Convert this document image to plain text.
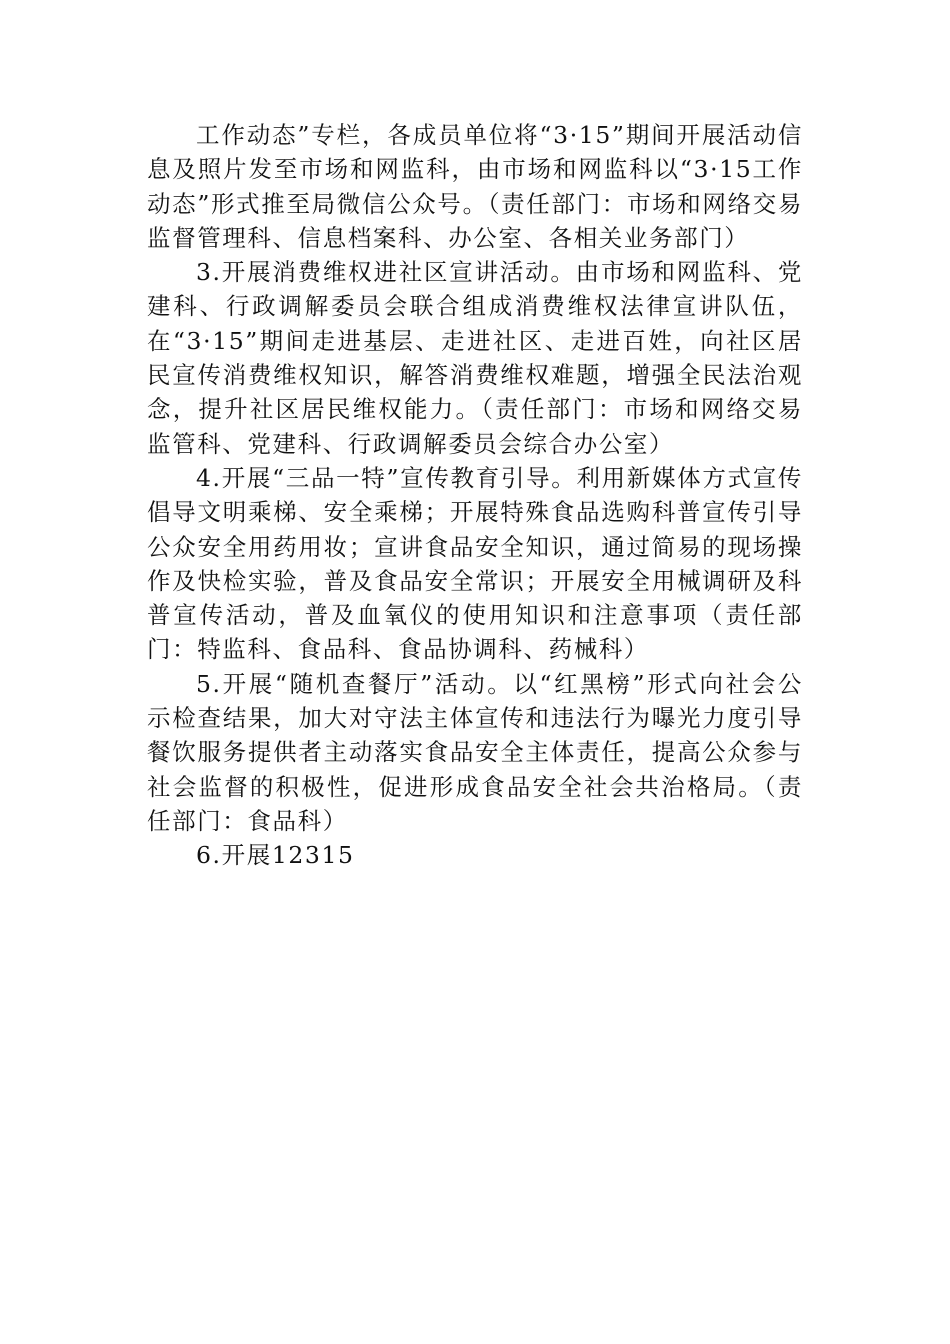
工作动态”专栏，各成员单位将“3·15”期间开展活动信息及照片发至市场和网监科，由市场和网监科以“3·15工作动态”形式推至局微信公众号。（责任部门：市场和网络交易监督管理科、信息档案科、办公室、各相关业务部门）

3.开展消费维权进社区宣讲活动。由市场和网监科、党建科、行政调解委员会联合组成消费维权法律宣讲队伍，在“3·15”期间走进基层、走进社区、走进百姓，向社区居民宣传消费维权知识，解答消费维权难题，增强全民法治观念，提升社区居民维权能力。（责任部门：市场和网络交易监管科、党建科、行政调解委员会综合办公室）

4.开展“三品一特”宣传教育引导。利用新媒体方式宣传倡导文明乘梯、安全乘梯；开展特殊食品选购科普宣传引导公众安全用药用妆；宣讲食品安全知识，通过简易的现场操作及快检实验，普及食品安全常识；开展安全用械调研及科普宣传活动，普及血氧仪的使用知识和注意事项（责任部门：特监科、食品科、食品协调科、药械科）

5.开展“随机查餐厅”活动。以“红黑榜”形式向社会公示检查结果，加大对守法主体宣传和违法行为曝光力度引导餐饮服务提供者主动落实食品安全主体责任，提高公众参与社会监督的积极性，促进形成食品安全社会共治格局。（责任部门：食品科）

6.开展12315
